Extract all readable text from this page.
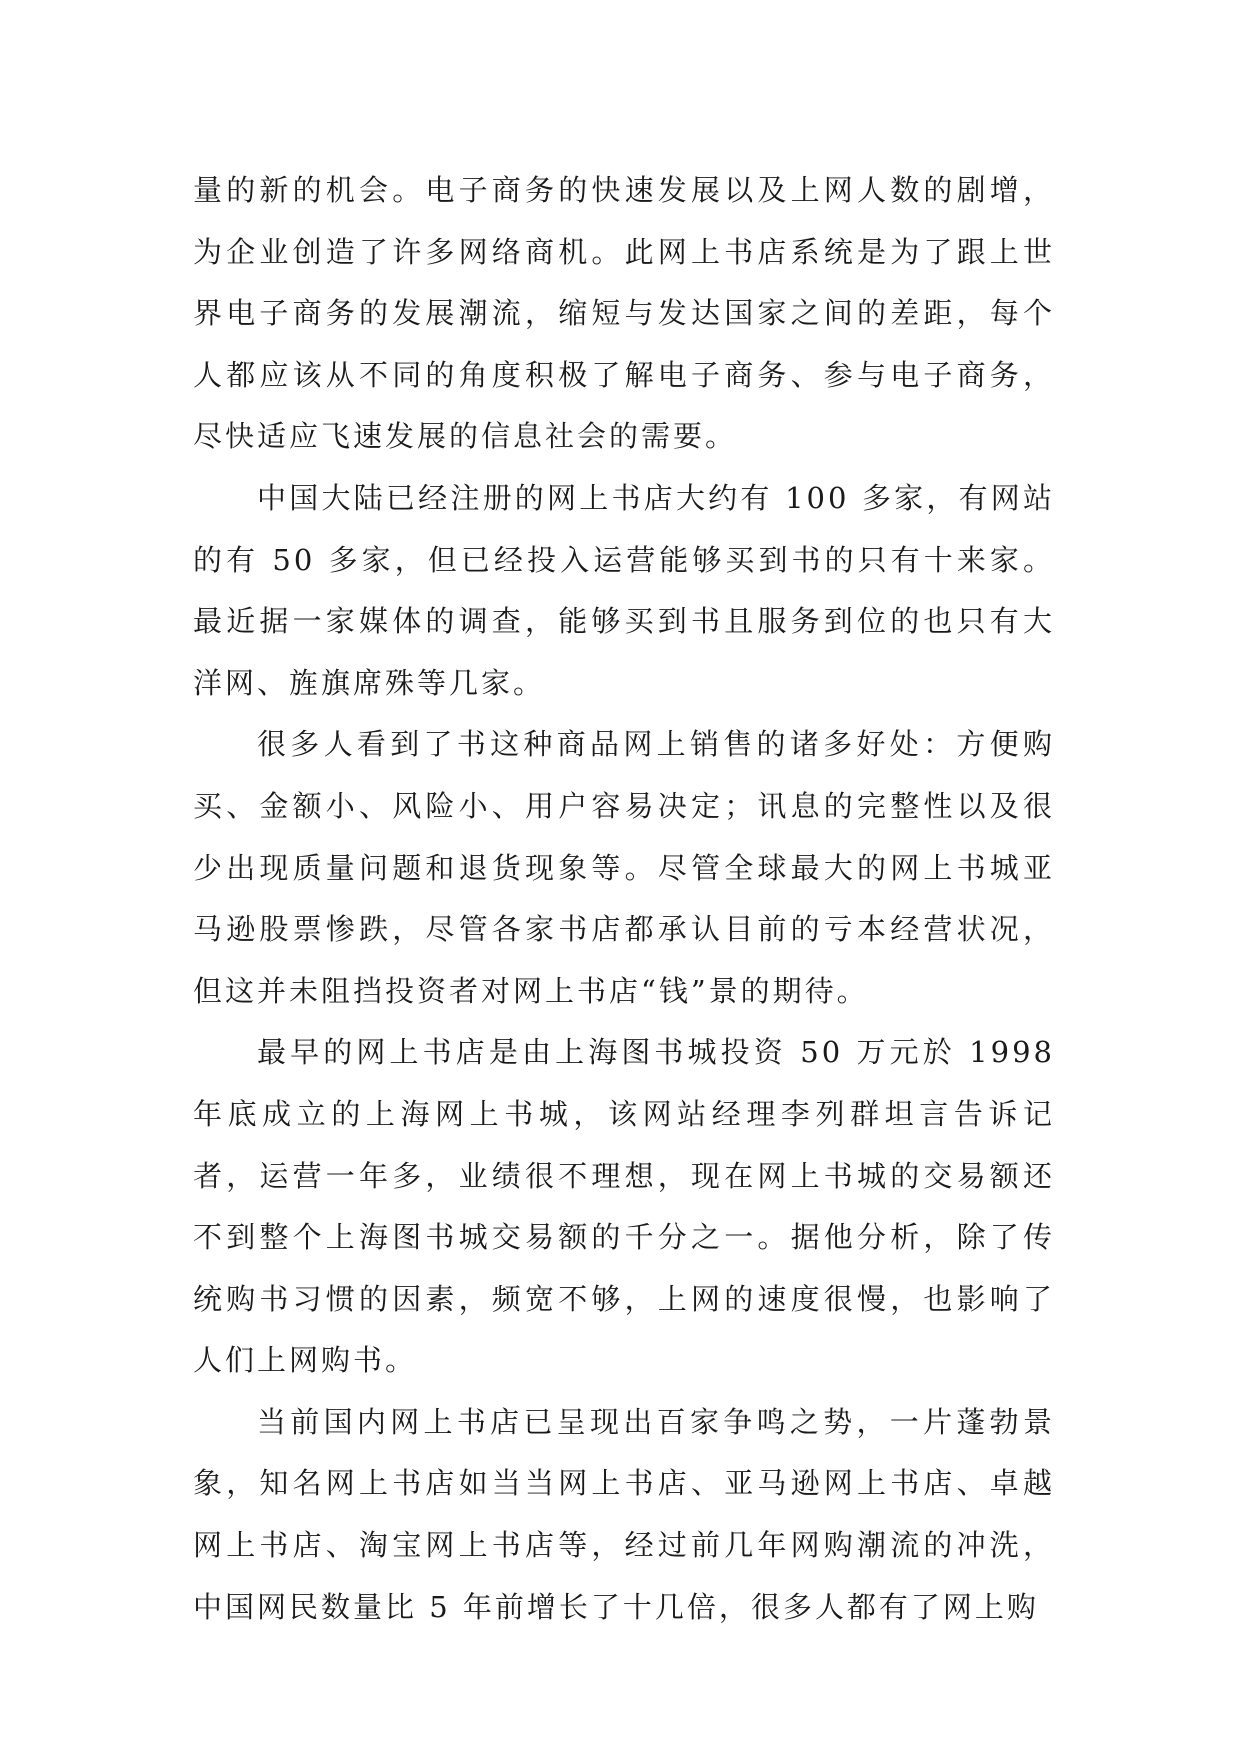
量的新的机会。电子商务的快速发展以及上网人数的剧增，为企业创造了许多网络商机。此网上书店系统是为了跟上世界电子商务的发展潮流，缩短与发达国家之间的差距，每个人都应该从不同的角度积极了解电子商务、参与电子商务，尽快适应飞速发展的信息社会的需要。

中国大陆已经注册的网上书店大约有 100 多家，有网站的有 50 多家，但已经投入运营能够买到书的只有十来家。最近据一家媒体的调查，能够买到书且服务到位的也只有大洋网、旌旗席殊等几家。

很多人看到了书这种商品网上销售的诸多好处：方便购买、金额小、风险小、用户容易决定；讯息的完整性以及很少出现质量问题和退货现象等。尽管全球最大的网上书城亚马逊股票惨跌，尽管各家书店都承认目前的亏本经营状况，但这并未阻挡投资者对网上书店“钱”景的期待。

最早的网上书店是由上海图书城投资 50 万元於 1998 年底成立的上海网上书城，该网站经理李列群坦言告诉记者，运营一年多，业绩很不理想，现在网上书城的交易额还不到整个上海图书城交易额的千分之一。据他分析，除了传统购书习惯的因素，频宽不够，上网的速度很慢，也影响了人们上网购书。

当前国内网上书店已呈现出百家争鸣之势，一片蓬勃景象，知名网上书店如当当网上书店、亚马逊网上书店、卓越网上书店、淘宝网上书店等，经过前几年网购潮流的冲洗，中国网民数量比 5 年前增长了十几倍，很多人都有了网上购
